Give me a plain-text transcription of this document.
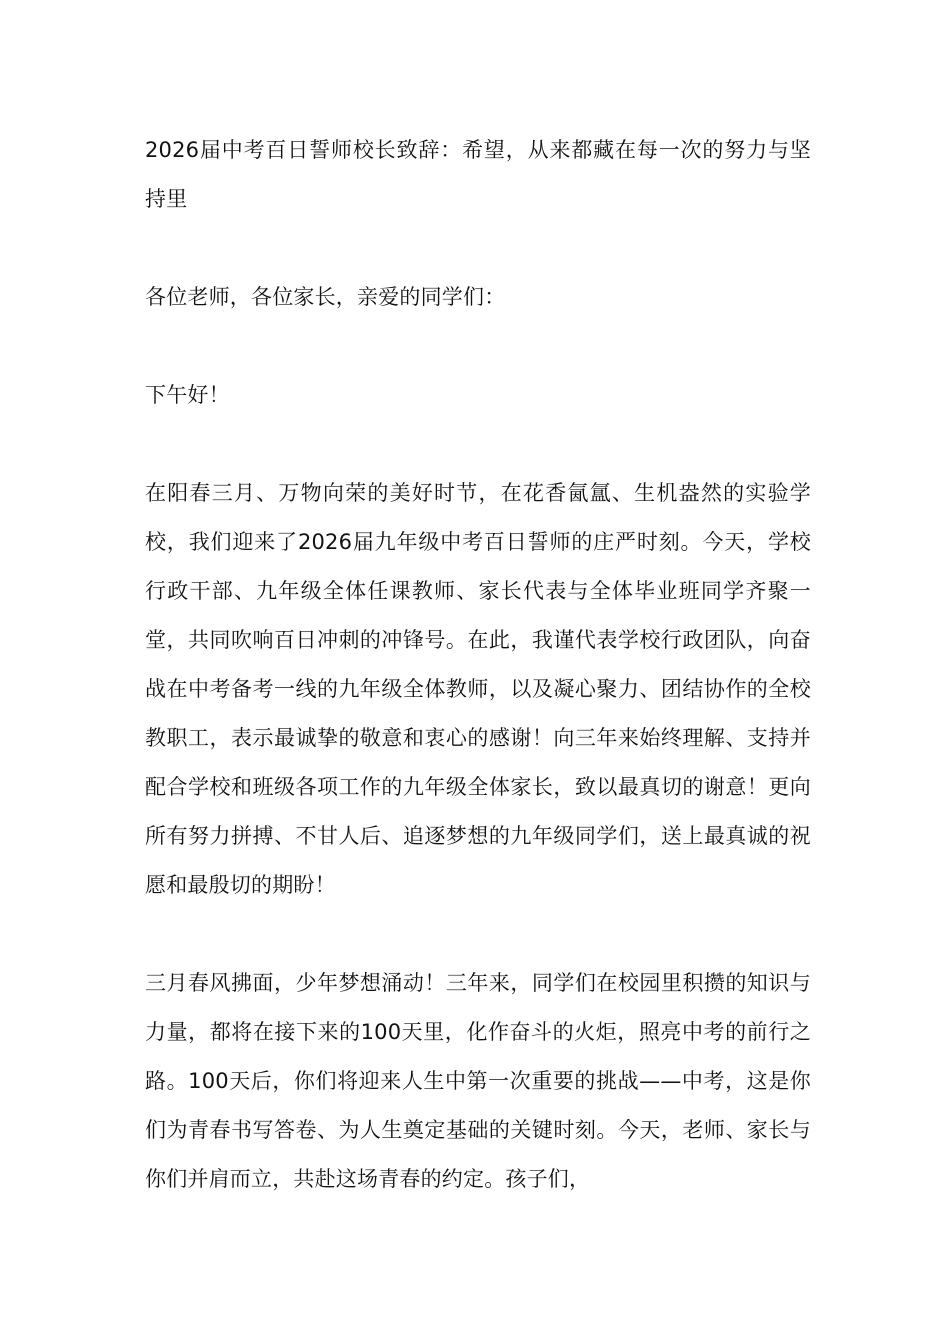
2026届中考百日誓师校长致辞：希望，从来都藏在每一次的努力与坚持里

各位老师，各位家长，亲爱的同学们：

下午好！

在阳春三月、万物向荣的美好时节，在花香氤氲、生机盎然的实验学校，我们迎来了2026届九年级中考百日誓师的庄严时刻。今天，学校行政干部、九年级全体任课教师、家长代表与全体毕业班同学齐聚一堂，共同吹响百日冲刺的冲锋号。在此，我谨代表学校行政团队，向奋战在中考备考一线的九年级全体教师，以及凝心聚力、团结协作的全校教职工，表示最诚挚的敬意和衷心的感谢！向三年来始终理解、支持并配合学校和班级各项工作的九年级全体家长，致以最真切的谢意！更向所有努力拼搏、不甘人后、追逐梦想的九年级同学们，送上最真诚的祝愿和最殷切的期盼！

三月春风拂面，少年梦想涌动！三年来，同学们在校园里积攒的知识与力量，都将在接下来的100天里，化作奋斗的火炬，照亮中考的前行之路。100天后，你们将迎来人生中第一次重要的挑战——中考，这是你们为青春书写答卷、为人生奠定基础的关键时刻。今天，老师、家长与你们并肩而立，共赴这场青春的约定。孩子们，
